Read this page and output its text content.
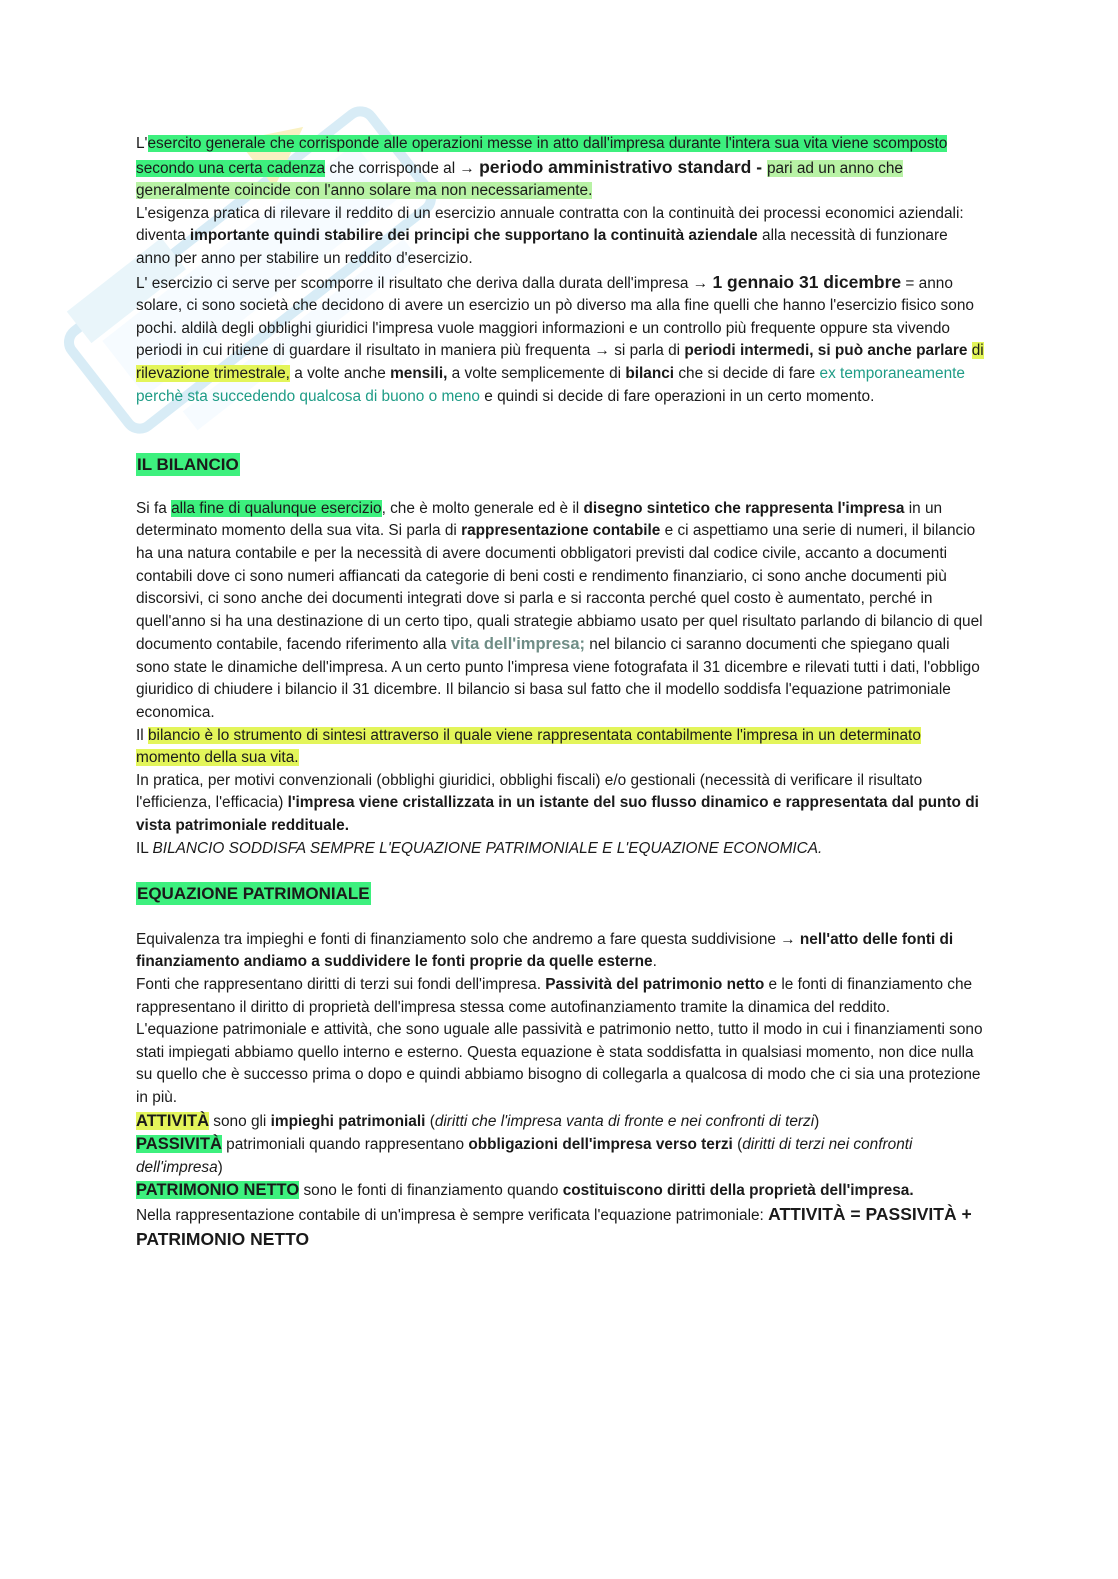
L'esercito generale che corrisponde alle operazioni messe in atto dall'impresa durante l'intera sua vita viene scomposto secondo una certa cadenza che corrisponde al → periodo amministrativo standard - pari ad un anno che generalmente coincide con l'anno solare ma non necessariamente.

L'esigenza pratica di rilevare il reddito di un esercizio annuale contratta con la continuità dei processi economici aziendali: diventa importante quindi stabilire dei principi che supportano la continuità aziendale alla necessità di funzionare anno per anno per stabilire un reddito d'esercizio.

L' esercizio ci serve per scomporre il risultato che deriva dalla durata dell'impresa → 1 gennaio 31 dicembre = anno solare, ci sono società che decidono di avere un esercizio un pò diverso ma alla fine quelli che hanno l'esercizio fisico sono pochi. aldilà degli obblighi giuridici l'impresa vuole maggiori informazioni e un controllo più frequente oppure sta vivendo periodi in cui ritiene di guardare il risultato in maniera più frequenta → si parla di periodi intermedi, si può anche parlare di rilevazione trimestrale, a volte anche mensili, a volte semplicemente di bilanci che si decide di fare ex temporaneamente perchè sta succedendo qualcosa di buono o meno e quindi si decide di fare operazioni in un certo momento.

IL BILANCIO

Si fa alla fine di qualunque esercizio, che è molto generale ed è il disegno sintetico che rappresenta l'impresa in un determinato momento della sua vita. Si parla di rappresentazione contabile e ci aspettiamo una serie di numeri, il bilancio ha una natura contabile e per la necessità di avere documenti obbligatori previsti dal codice civile, accanto a documenti contabili dove ci sono numeri affiancati da categorie di beni costi e rendimento finanziario, ci sono anche documenti più discorsivi, ci sono anche dei documenti integrati dove si parla e si racconta perché quel costo è aumentato, perché in quell'anno si ha una destinazione di un certo tipo, quali strategie abbiamo usato per quel risultato parlando di bilancio di quel documento contabile, facendo riferimento alla vita dell'impresa; nel bilancio ci saranno documenti che spiegano quali sono state le dinamiche dell'impresa. A un certo punto l'impresa viene fotografata il 31 dicembre e rilevati tutti i dati, l'obbligo giuridico di chiudere i bilancio il 31 dicembre. Il bilancio si basa sul fatto che il modello soddisfa l'equazione patrimoniale economica.

Il bilancio è lo strumento di sintesi attraverso il quale viene rappresentata contabilmente l'impresa in un determinato momento della sua vita.

In pratica, per motivi convenzionali (obblighi giuridici, obblighi fiscali) e/o gestionali (necessità di verificare il risultato l'efficienza, l'efficacia) l'impresa viene cristallizzata in un istante del suo flusso dinamico e rappresentata dal punto di vista patrimoniale reddituale.

IL BILANCIO SODDISFA SEMPRE L'EQUAZIONE PATRIMONIALE E L'EQUAZIONE ECONOMICA.

EQUAZIONE PATRIMONIALE

Equivalenza tra impieghi e fonti di finanziamento solo che andremo a fare questa suddivisione → nell'atto delle fonti di finanziamento andiamo a suddividere le fonti proprie da quelle esterne.

Fonti che rappresentano diritti di terzi sui fondi dell'impresa. Passività del patrimonio netto e le fonti di finanziamento che rappresentano il diritto di proprietà dell'impresa stessa come autofinanziamento tramite la dinamica del reddito.

L'equazione patrimoniale e attività, che sono uguale alle passività e patrimonio netto, tutto il modo in cui i finanziamenti sono stati impiegati abbiamo quello interno e esterno. Questa equazione è stata soddisfatta in qualsiasi momento, non dice nulla su quello che è successo prima o dopo e quindi abbiamo bisogno di collegarla a qualcosa di modo che ci sia una protezione in più.

ATTIVITÀ sono gli impieghi patrimoniali (diritti che l'impresa vanta di fronte e nei confronti di terzi)

PASSIVITÀ patrimoniali quando rappresentano obbligazioni dell'impresa verso terzi (diritti di terzi nei confronti dell'impresa)

PATRIMONIO NETTO sono le fonti di finanziamento quando costituiscono diritti della proprietà dell'impresa.

Nella rappresentazione contabile di un'impresa è sempre verificata l'equazione patrimoniale: ATTIVITÀ = PASSIVITÀ + PATRIMONIO NETTO
